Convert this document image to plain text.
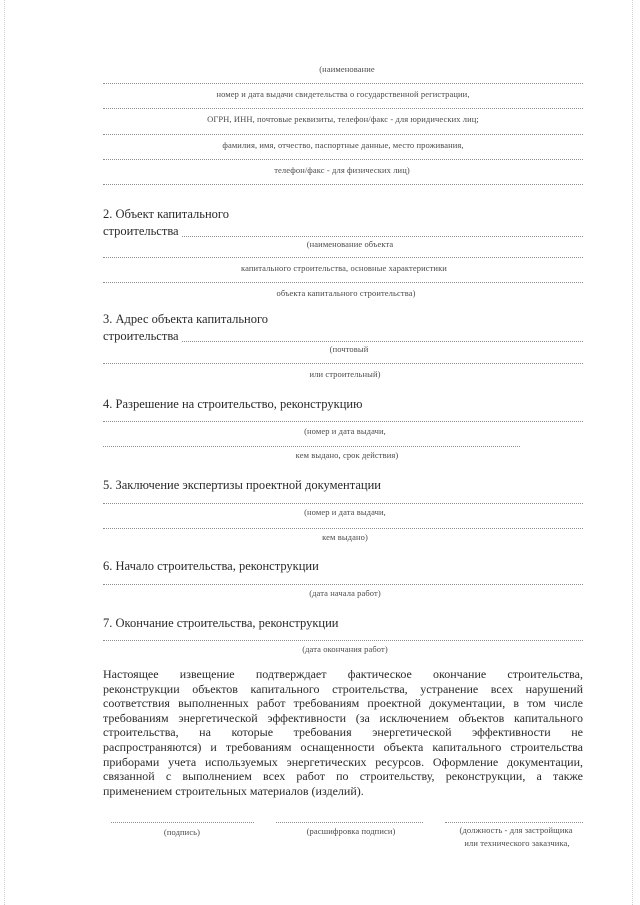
(наименование
номер и дата выдачи свидетельства о государственной регистрации,
ОГРН, ИНН, почтовые реквизиты, телефон/факс - для юридических лиц;
фамилия, имя, отчество, паспортные данные, место проживания,
телефон/факс - для физических лиц)
2. Объект капитального
строительства
(наименование объекта
капитального строительства, основные характеристики
объекта капитального строительства)
3. Адрес объекта капитального
строительства
(почтовый
или строительный)
4. Разрешение на строительство, реконструкцию
(номер и дата выдачи,
кем выдано, срок действия)
5. Заключение экспертизы проектной документации
(номер и дата выдачи,
кем выдано)
6. Начало строительства, реконструкции
(дата начала работ)
7. Окончание строительства, реконструкции
(дата окончания работ)
Настоящее извещение подтверждает фактическое окончание строительства,
реконструкции объектов капитального строительства, устранение всех нарушений
соответствия выполненных работ требованиям проектной документации, в том числе
требованиям энергетической эффективности (за исключением объектов капитального
строительства, на которые требования энергетической эффективности не
распространяются) и требованиям оснащенности объекта капитального строительства
приборами учета используемых энергетических ресурсов. Оформление документации,
связанной с выполнением всех работ по строительству, реконструкции, а также
применением строительных материалов (изделий).
(подпись)	(расшифровка подписи)	(должность - для застройщика
или технического заказчика,
